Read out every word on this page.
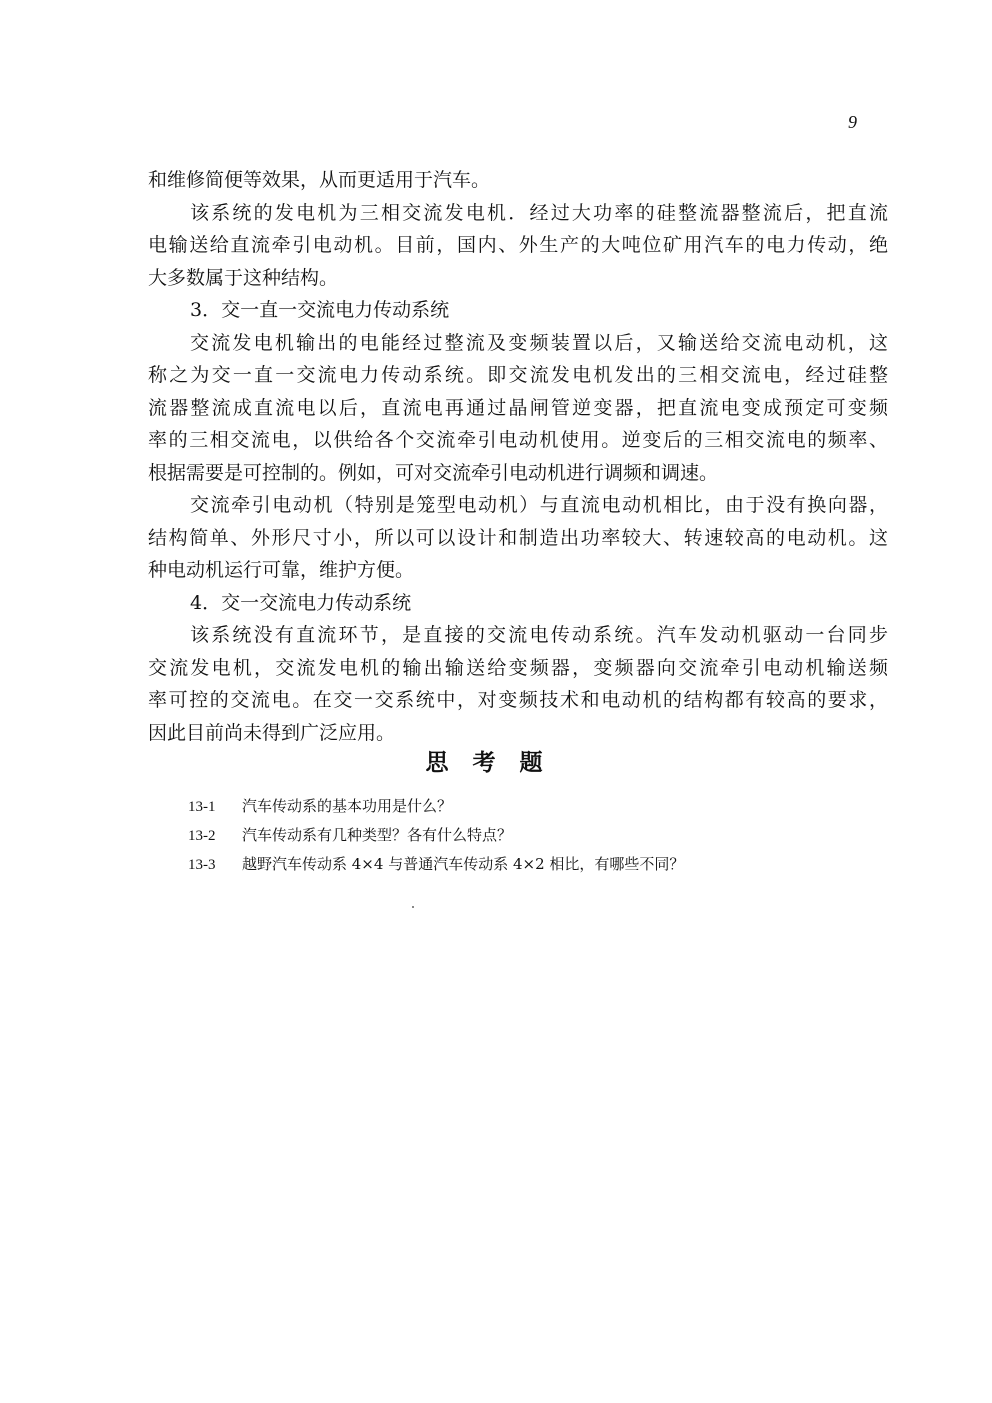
9
和维修简便等效果，从而更适用于汽车。
该系统的发电机为三相交流发电机．经过大功率的硅整流器整流后，把直流
电输送给直流牵引电动机。目前，国内、外生产的大吨位矿用汽车的电力传动，绝
大多数属于这种结构。
3．交一直一交流电力传动系统
交流发电机输出的电能经过整流及变频装置以后，又输送给交流电动机，这
称之为交一直一交流电力传动系统。即交流发电机发出的三相交流电，经过硅整
流器整流成直流电以后，直流电再通过晶闸管逆变器，把直流电变成预定可变频
率的三相交流电，以供给各个交流牵引电动机使用。逆变后的三相交流电的频率、
根据需要是可控制的。例如，可对交流牵引电动机进行调频和调速。
交流牵引电动机（特别是笼型电动机）与直流电动机相比，由于没有换向器，
结构简单、外形尺寸小，所以可以设计和制造出功率较大、转速较高的电动机。这
种电动机运行可靠，维护方便。
4．交一交流电力传动系统
该系统没有直流环节，是直接的交流电传动系统。汽车发动机驱动一台同步
交流发电机，交流发电机的输出输送给变频器，变频器向交流牵引电动机输送频
率可控的交流电。在交一交系统中，对变频技术和电动机的结构都有较高的要求，
因此目前尚未得到广泛应用。
思考题
13-1 汽车传动系的基本功用是什么？
13-2 汽车传动系有几种类型？各有什么特点？
13-3 越野汽车传动系 4×4 与普通汽车传动系 4×2 相比，有哪些不同？
